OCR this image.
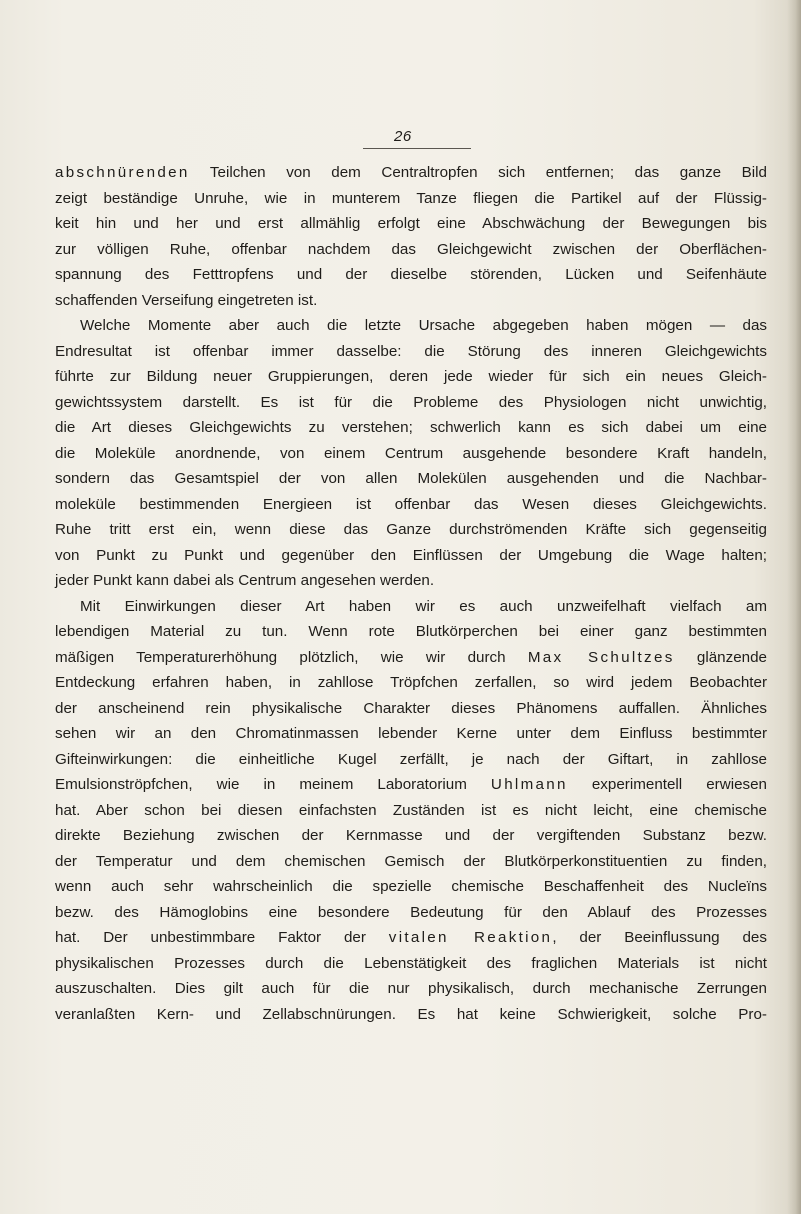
26
abschnürenden Teilchen von dem Centraltropfen sich entfernen; das ganze Bild
zeigt beständige Unruhe, wie in munterem Tanze fliegen die Partikel auf der Flüssig-
keit hin und her und erst allmählig erfolgt eine Abschwächung der Bewegungen bis
zur völligen Ruhe, offenbar nachdem das Gleichgewicht zwischen der Oberflächen-
spannung des Fetttropfens und der dieselbe störenden, Lücken und Seifenhäute
schaffenden Verseifung eingetreten ist.
Welche Momente aber auch die letzte Ursache abgegeben haben mögen — das
Endresultat ist offenbar immer dasselbe: die Störung des inneren Gleichgewichts
führte zur Bildung neuer Gruppierungen, deren jede wieder für sich ein neues Gleich-
gewichtssystem darstellt. Es ist für die Probleme des Physiologen nicht unwichtig,
die Art dieses Gleichgewichts zu verstehen; schwerlich kann es sich dabei um eine
die Moleküle anordnende, von einem Centrum ausgehende besondere Kraft handeln,
sondern das Gesamtspiel der von allen Molekülen ausgehenden und die Nachbar-
moleküle bestimmenden Energieen ist offenbar das Wesen dieses Gleichgewichts.
Ruhe tritt erst ein, wenn diese das Ganze durchströmenden Kräfte sich gegenseitig
von Punkt zu Punkt und gegenüber den Einflüssen der Umgebung die Wage halten;
jeder Punkt kann dabei als Centrum angesehen werden.
Mit Einwirkungen dieser Art haben wir es auch unzweifelhaft vielfach am
lebendigen Material zu tun. Wenn rote Blutkörperchen bei einer ganz bestimmten
mäßigen Temperaturerhöhung plötzlich, wie wir durch Max Schultzes glänzende
Entdeckung erfahren haben, in zahllose Tröpfchen zerfallen, so wird jedem Beobachter
der anscheinend rein physikalische Charakter dieses Phänomens auffallen. Ähnliches
sehen wir an den Chromatinmassen lebender Kerne unter dem Einfluss bestimmter
Gifteinwirkungen: die einheitliche Kugel zerfällt, je nach der Giftart, in zahllose
Emulsionströpfchen, wie in meinem Laboratorium Uhlmann experimentell erwiesen
hat. Aber schon bei diesen einfachsten Zuständen ist es nicht leicht, eine chemische
direkte Beziehung zwischen der Kernmasse und der vergiftenden Substanz bezw.
der Temperatur und dem chemischen Gemisch der Blutkörperkonstituentien zu finden,
wenn auch sehr wahrscheinlich die spezielle chemische Beschaffenheit des Nucleïns
bezw. des Hämoglobins eine besondere Bedeutung für den Ablauf des Prozesses
hat. Der unbestimmbare Faktor der vitalen Reaktion, der Beeinflussung des
physikalischen Prozesses durch die Lebenstätigkeit des fraglichen Materials ist nicht
auszuschalten. Dies gilt auch für die nur physikalisch, durch mechanische Zerrungen
veranlaßten Kern- und Zellabschnürungen. Es hat keine Schwierigkeit, solche Pro-
